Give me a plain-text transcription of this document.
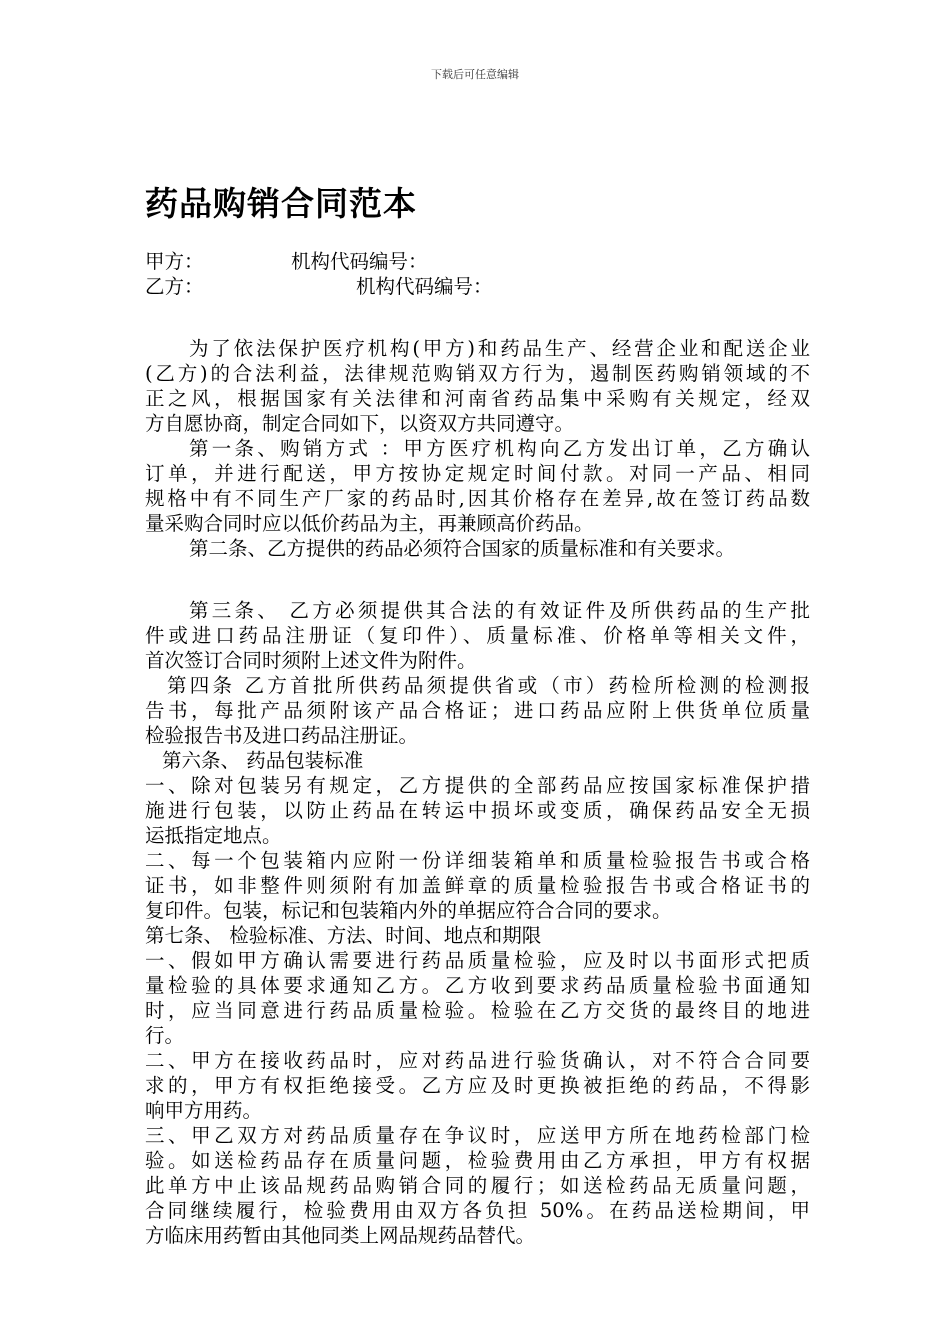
下载后可任意编辑
药品购销合同范本
甲方：	机构代码编号：
乙方：	机构代码编号：
为了依法保护医疗机构(甲方)和药品生产、经营企业和配送企业
(乙方)的合法利益，法律规范购销双方行为，遏制医药购销领域的不
正之风，根据国家有关法律和河南省药品集中采购有关规定，经双
方自愿协商，制定合同如下，以资双方共同遵守。
第一条、购销方式 ：甲方医疗机构向乙方发出订单，乙方确认
订单，并进行配送，甲方按协定规定时间付款。对同一产品、相同
规格中有不同生产厂家的药品时,因其价格存在差异,故在签订药品数
量采购合同时应以低价药品为主，再兼顾高价药品。
第二条、乙方提供的药品必须符合国家的质量标准和有关要求。
第三条、 乙方必须提供其合法的有效证件及所供药品的生产批
件或进口药品注册证（复印件）、质量标准、价格单等相关文件，
首次签订合同时须附上述文件为附件。
第四条 乙方首批所供药品须提供省或（市）药检所检测的检测报
告书，每批产品须附该产品合格证；进口药品应附上供货单位质量
检验报告书及进口药品注册证。
第六条、 药品包装标准
一、除对包装另有规定，乙方提供的全部药品应按国家标准保护措
施进行包装，以防止药品在转运中损坏或变质，确保药品安全无损
运抵指定地点。
二、每一个包装箱内应附一份详细装箱单和质量检验报告书或合格
证书，如非整件则须附有加盖鲜章的质量检验报告书或合格证书的
复印件。包装，标记和包装箱内外的单据应符合合同的要求。
第七条、 检验标准、方法、时间、地点和期限
一、假如甲方确认需要进行药品质量检验，应及时以书面形式把质
量检验的具体要求通知乙方。乙方收到要求药品质量检验书面通知
时，应当同意进行药品质量检验。检验在乙方交货的最终目的地进
行。
二、甲方在接收药品时，应对药品进行验货确认，对不符合合同要
求的，甲方有权拒绝接受。乙方应及时更换被拒绝的药品，不得影
响甲方用药。
三、甲乙双方对药品质量存在争议时，应送甲方所在地药检部门检
验。如送检药品存在质量问题，检验费用由乙方承担，甲方有权据
此单方中止该品规药品购销合同的履行；如送检药品无质量问题，
合同继续履行，检验费用由双方各负担 50%。在药品送检期间，甲
方临床用药暂由其他同类上网品规药品替代。
